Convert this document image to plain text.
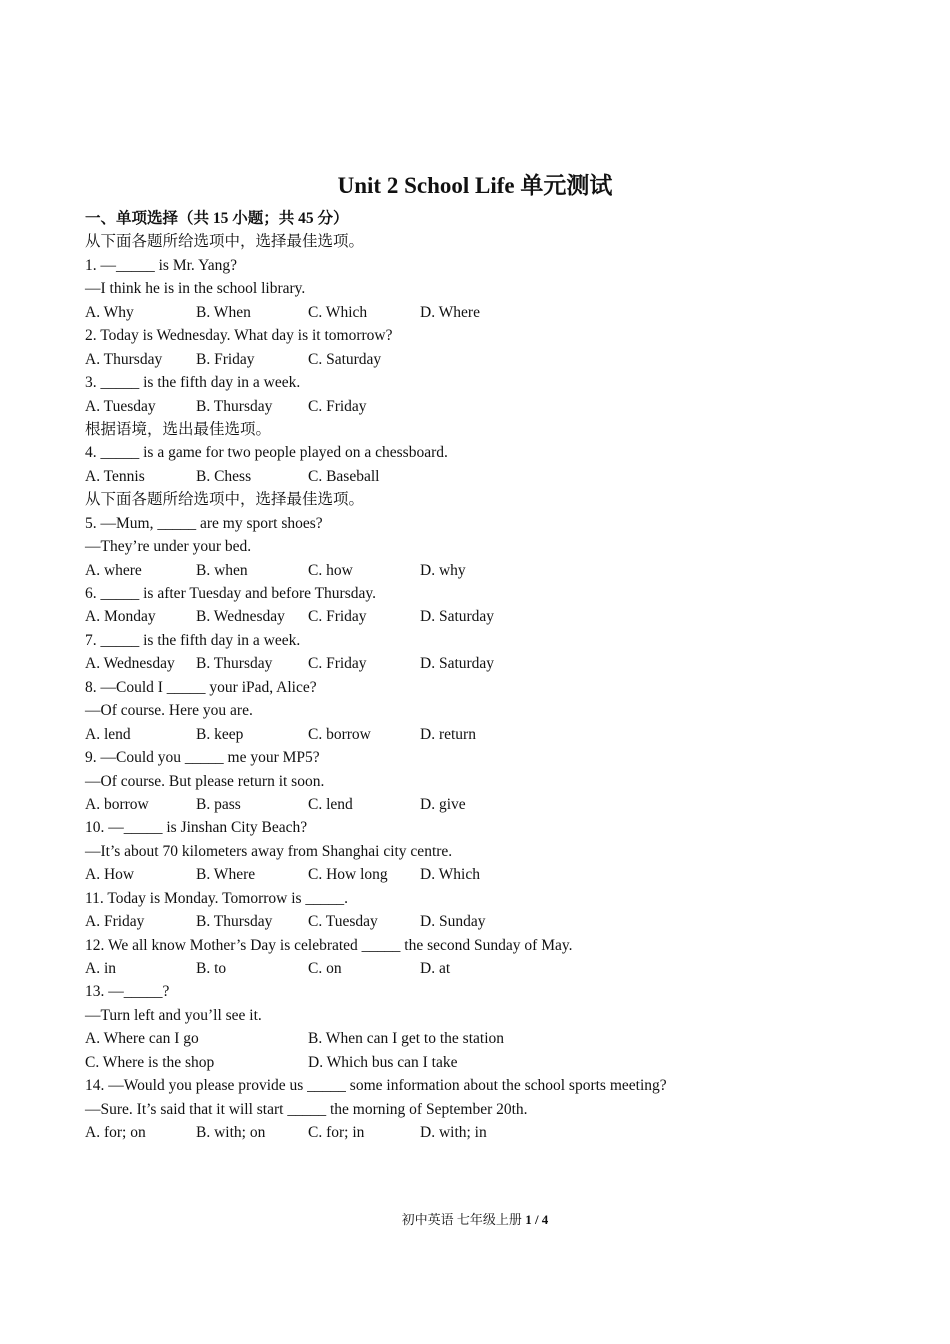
Unit 2 School Life 单元测试
一、单项选择（共 15 小题；共 45 分）
从下面各题所给选项中，选择最佳选项。
1. —_____ is Mr. Yang?
—I think he is in the school library.
A. Why	B. When	C. Which	D. Where
2. Today is Wednesday. What day is it tomorrow?
A. Thursday B. Friday	C. Saturday
3. _____ is the fifth day in a week.
A. Tuesday	B. Thursday C. Friday
根据语境，选出最佳选项。
4. _____ is a game for two people played on a chessboard.
A. Tennis	B. Chess	C. Baseball
从下面各题所给选项中，选择最佳选项。
5. —Mum, _____ are my sport shoes?
—They’re under your bed.
A. where	B. when	C. how	D. why
6. _____ is after Tuesday and before Thursday.
A. Monday	B. Wednesday C. Friday	D. Saturday
7. _____ is the fifth day in a week.
A. Wednesday B. Thursday C. Friday	D. Saturday
8. —Could I _____ your iPad, Alice?
—Of course. Here you are.
A. lend	B. keep	C. borrow	D. return
9. —Could you _____ me your MP5?
—Of course. But please return it soon.
A. borrow	B. pass	C. lend	D. give
10. —_____ is Jinshan City Beach?
—It’s about 70 kilometers away from Shanghai city centre.
A. How	B. Where	C. How long D. Which
11. Today is Monday. Tomorrow is _____.
A. Friday	B. Thursday C. Tuesday	D. Sunday
12. We all know Mother’s Day is celebrated _____ the second Sunday of May.
A. in	B. to	C. on	D. at
13. —_____?
—Turn left and you’ll see it.
A. Where can I go	B. When can I get to the station
C. Where is the shop	D. Which bus can I take
14. —Would you please provide us _____ some information about the school sports meeting?
—Sure. It’s said that it will start _____ the morning of September 20th.
A. for; on	B. with; on	C. for; in	D. with; in
初中英语 七年级上册 1 / 4
